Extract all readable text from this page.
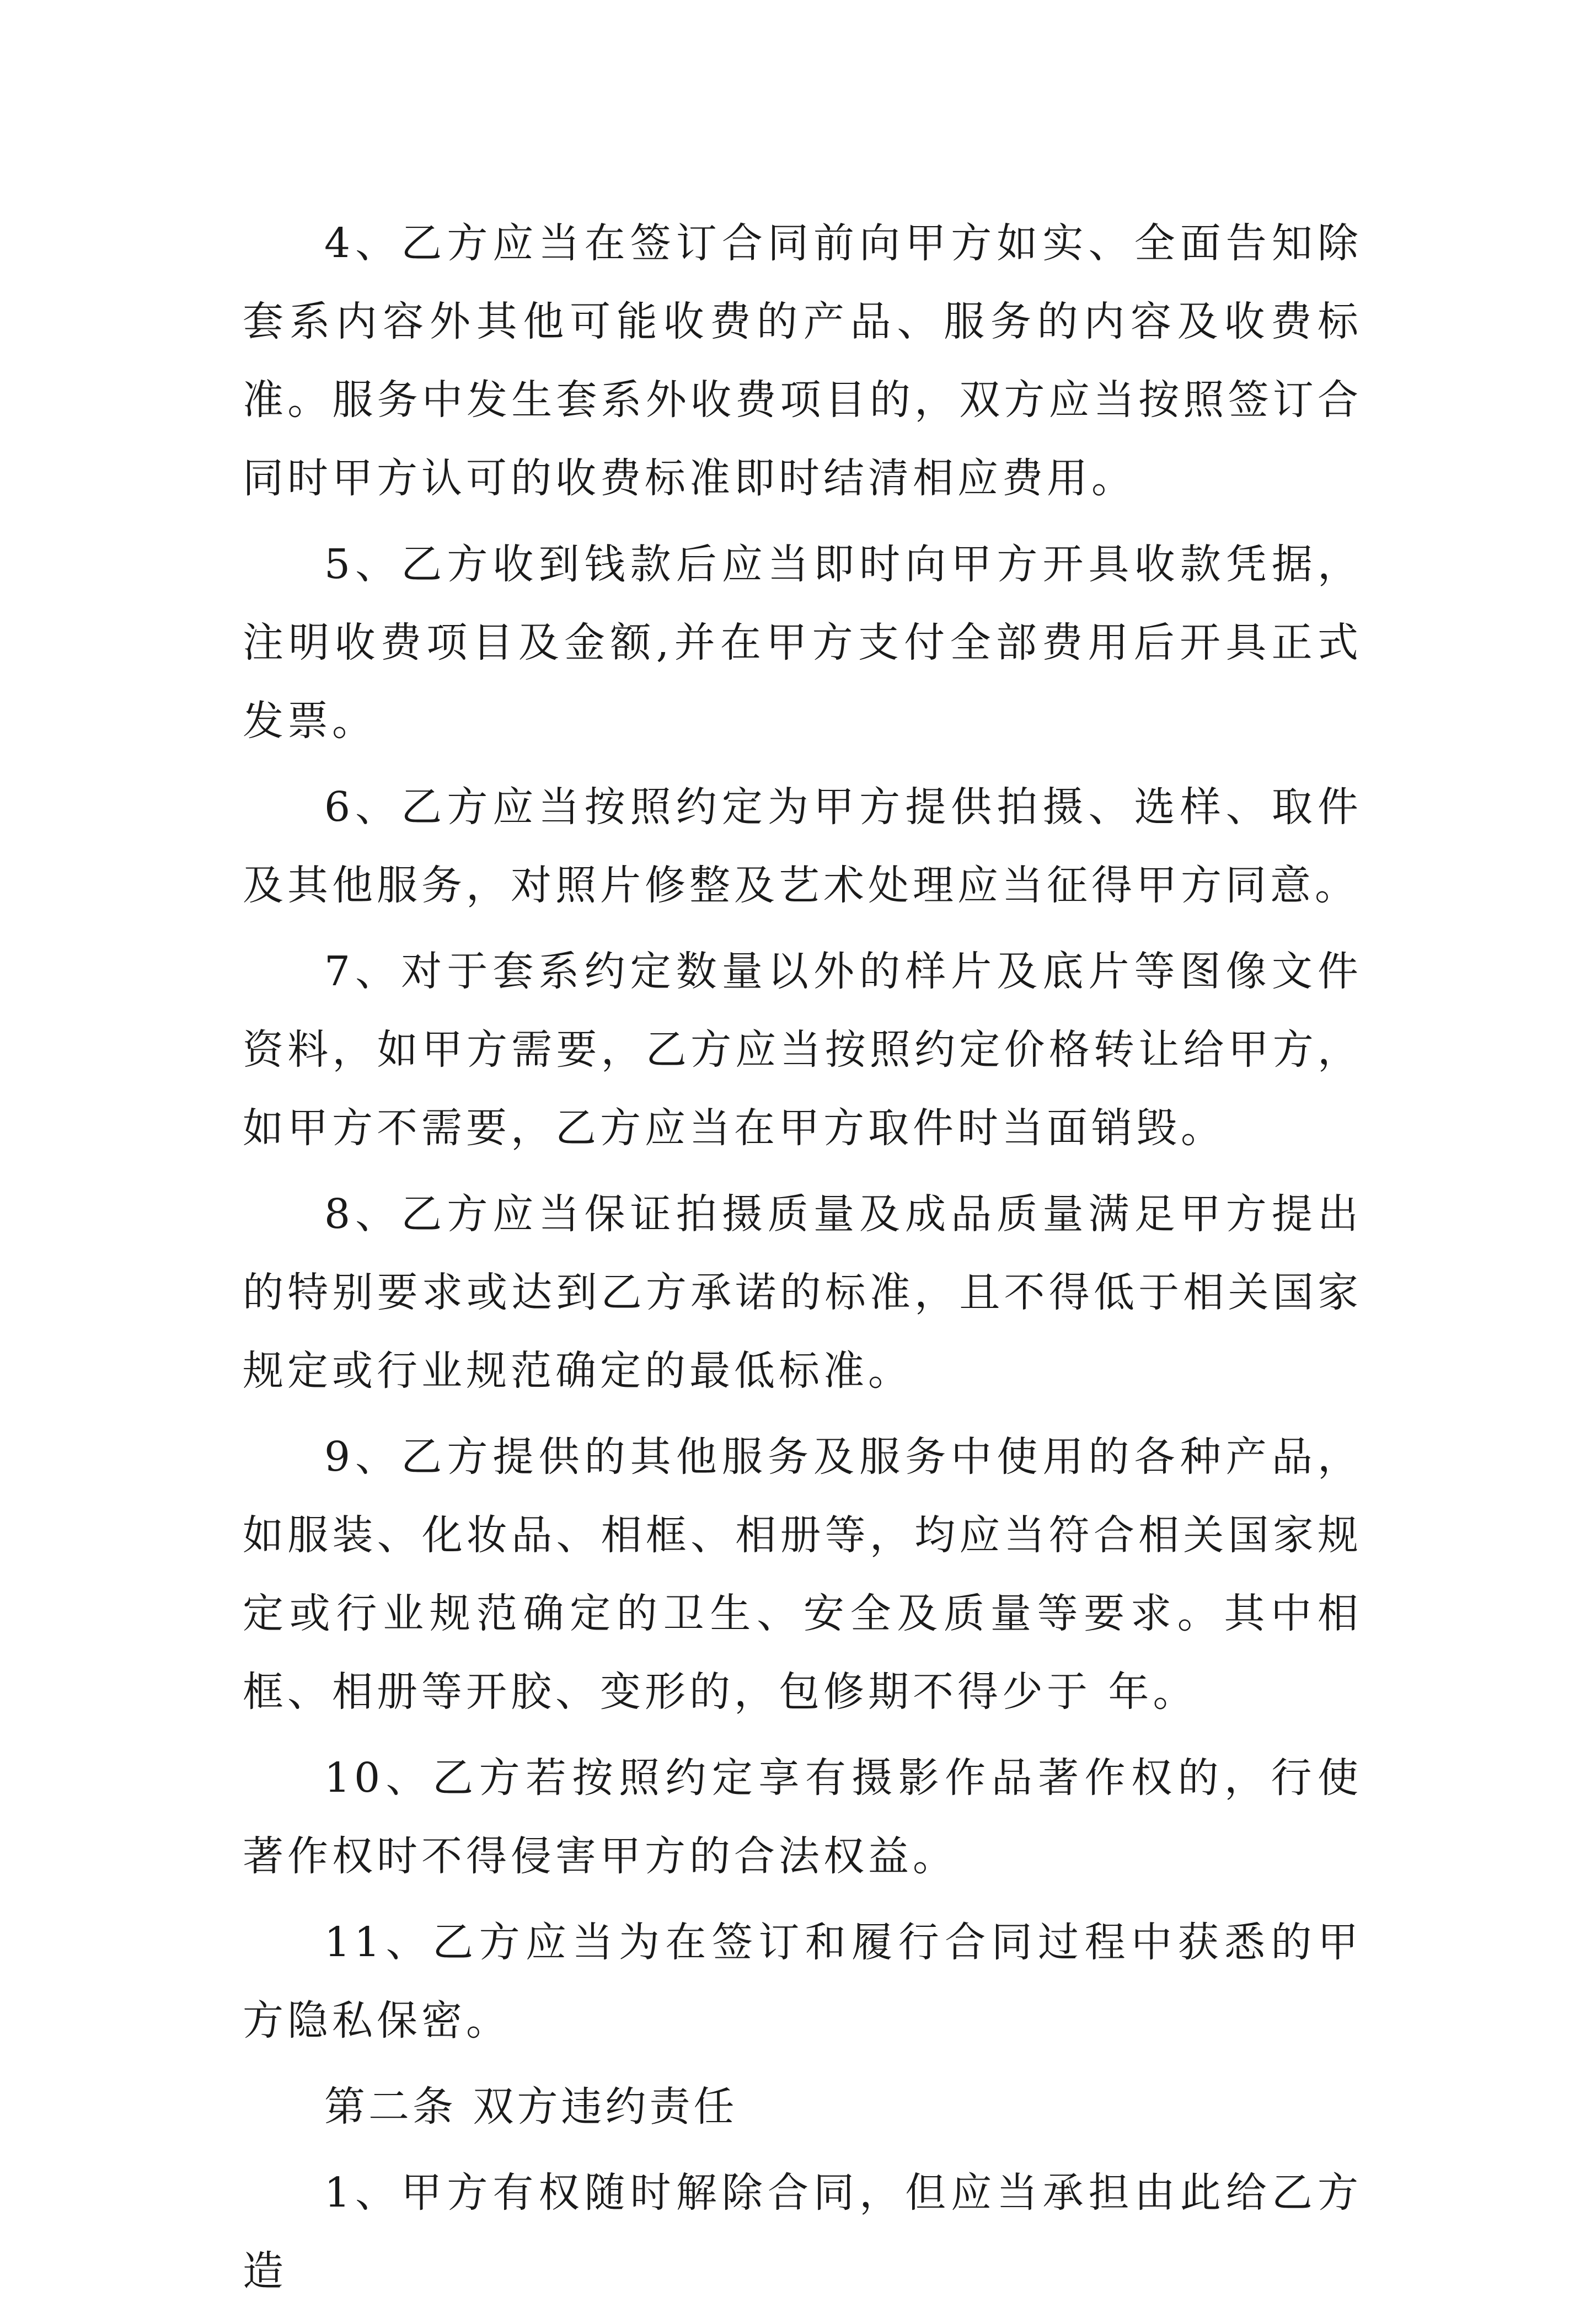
4、乙方应当在签订合同前向甲方如实、全面告知除套系内容外其他可能收费的产品、服务的内容及收费标准。服务中发生套系外收费项目的，双方应当按照签订合同时甲方认可的收费标准即时结清相应费用。

5、乙方收到钱款后应当即时向甲方开具收款凭据，注明收费项目及金额,并在甲方支付全部费用后开具正式发票。

6、乙方应当按照约定为甲方提供拍摄、选样、取件及其他服务，对照片修整及艺术处理应当征得甲方同意。

7、对于套系约定数量以外的样片及底片等图像文件资料，如甲方需要，乙方应当按照约定价格转让给甲方，如甲方不需要，乙方应当在甲方取件时当面销毁。

8、乙方应当保证拍摄质量及成品质量满足甲方提出的特别要求或达到乙方承诺的标准，且不得低于相关国家规定或行业规范确定的最低标准。

9、乙方提供的其他服务及服务中使用的各种产品，如服装、化妆品、相框、相册等，均应当符合相关国家规定或行业规范确定的卫生、安全及质量等要求。其中相框、相册等开胶、变形的，包修期不得少于 年。

10、乙方若按照约定享有摄影作品著作权的，行使著作权时不得侵害甲方的合法权益。

11、乙方应当为在签订和履行合同过程中获悉的甲方隐私保密。

第二条 双方违约责任

1、甲方有权随时解除合同，但应当承担由此给乙方造
